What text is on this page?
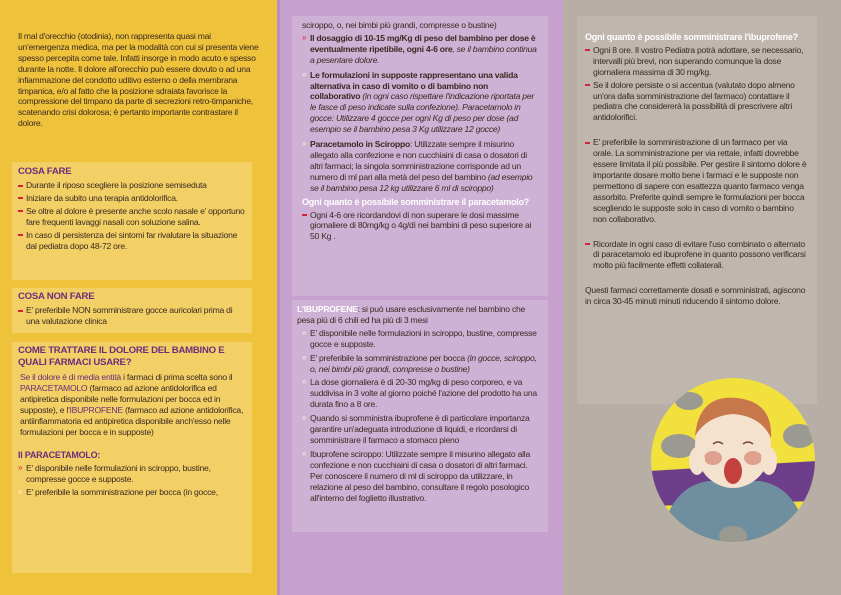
Il mal d'orecchio (otodinia), non rappresenta quasi mai un'emergenza medica, ma per la modalità con cui si presenta viene spesso percepita come tale. Infatti insorge in modo acuto e spesso durante la notte. Il dolore all'orecchio può essere dovuto o ad una infiammazione del condotto uditivo esterno o della membrana timpanica, e/o al fatto che la posizione sdraiata favorisce la compressione del timpano da parte di secrezioni retro-timpaniche, scatenando crisi dolorosa; è pertanto importante contrastare il dolore.

COSA FARE
Durante il riposo scegliere la posizione semiseduta
Iniziare da subito una terapia antidolorifica.
Se oltre al dolore è presente anche scolo nasale e' opportuno fare frequenti lavaggi nasali con soluzione salina.
In caso di persistenza dei sintomi far rivalutare la situazione dal pediatra dopo 48-72 ore.
COSA NON FARE
E' preferibile NON somministrare gocce auricolari prima di una valutazione clinica
COME TRATTARE IL DOLORE DEL BAMBINO E QUALI FARMACI USARE?

Se il dolore è di media entità i farmaci di prima scelta sono il PARACETAMOLO (farmaco ad azione antidolorifica ed antipiretica disponibile nelle formulazioni per bocca ed in supposte), e l'IBUPROFENE (farmaco ad azione antidolorifica, antiinfiammatoria ed antipiretica disponibile anch'esso nelle formulazioni per bocca e in supposte)

Il PARACETAMOLO:
» E' disponibile nelle formulazioni in sciroppo, bustine, compresse gocce e supposte.
» E' preferibile la somministrazione per bocca (in gocce,

sciroppo, o, nei bimbi più grandi, compresse o bustine)

» Il dosaggio di 10-15 mg/Kg di peso del bambino per dose è eventualmente ripetibile, ogni 4-6 ore, se il bambino continua a pesentare dolore.
» Le formulazioni in supposte rappresentano una valida alternativa in caso di vomito o di bambino non collaborativo (in ogni caso rispettare l'indicazione riportata per le fasce di peso indicate sulla confezione). Paracetamolo in gocce: Utilizzare 4 gocce per ogni Kg di peso per dose (ad esempio se il bambino pesa 3 Kg utilizzare 12 gocce)
» Paracetamolo in Sciroppo: Utilizzate sempre il misurino allegato alla confezione e non cucchiaini di casa o dosatori di altri farmaci; la singola somministrazione corrisponde ad un numero di ml pari alla metà del peso del bambino (ad esempio se il bambino pesa 12 kg utilizzare 6 ml di sciroppo)
Ogni quanto è possibile somministrare il paracetamolo?
Ogni 4-6 ore ricordandovi di non superare le dosi massime giornaliere di 80mg/kg o 4g/dì nei bambini di peso superiore ai 50 Kg .

L'IBUPROFENE: si può usare esclusivamente nel bambino che pesa più di 6 chili ed ha più di 3 mesi

» E' disponibile nelle formulazioni in sciroppo, bustine, compresse gocce e supposte.
» E' preferibile la somministrazione per bocca (in gocce, sciroppo, o, nei bimbi più grandi, compresse o bustine)
» La dose giornaliera è di 20-30 mg/kg di peso corporeo, e va suddivisa in 3 volte al giorno poiché l'azione del prodotto ha una durata fino a 8 ore.
» Quando si somministra ibuprofene è di particolare importanza garantire un'adeguata introduzione di liquidi, e ricordarsi di somministrare il farmaco a stomaco pieno
» Ibuprofene sciroppo: Utilizzate sempre il misurino allegato alla confezione e non cucchiaini di casa o dosatori di altri farmaci. Per conoscere il numero di ml di sciroppo da utilizzare, in relazione al peso del bambino, consultare il regolo posologico all'interno del foglietto illustrativo.
Ogni quanto è possibile somministrare l'ibuprofene?
Ogni 8 ore. Il vostro Pediatra potrà adottare, se necessario, intervalli più brevi, non superando comunque la dose giornaliera massima di 30 mg/kg.
Se il dolore persiste o si accentua (valutato dopo almeno un'ora dalla somministrazione del farmaco) contattare il pediatra che considererà la possibilità di prescrivere altri antidolorifici.
E' preferibile la somministrazione di un farmaco per via orale. La somministrazione per via rettale, infatti dovrebbe essere limitata il più possibile. Per gestire il sintomo dolore è importante dosare molto bene i farmaci e le supposte non permettono di sapere con esattezza quanto farmaco venga assorbito. Preferite quindi sempre le formulazioni per bocca scegliendo le supposte solo in caso di vomito o bambino non collaborativo.
Ricordate in ogni caso di evitare l'uso combinato o alternato di paracetamolo ed ibuprofene in quanto possono verificarsi molto più facilmente effetti collaterali.

Questi farmaci correttamente dosati e somministrati, agiscono in circa 30-45 minuti minuti riducendo il sintomo dolore.
